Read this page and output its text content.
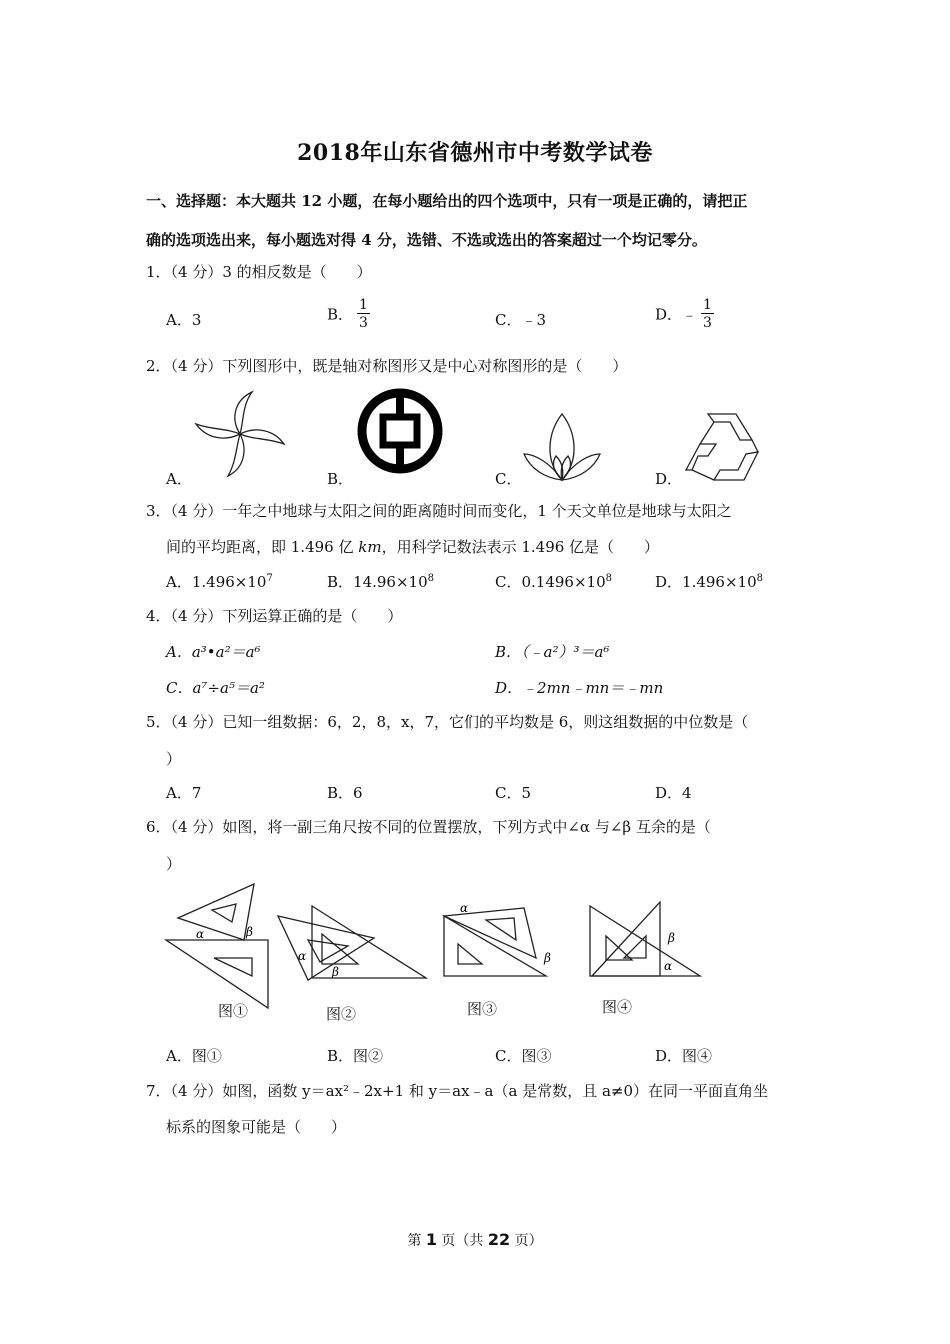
2018年山东省德州市中考数学试卷
一、选择题：本大题共 12 小题，在每小题给出的四个选项中，只有一项是正确的，请把正
确的选项选出来，每小题选对得 4 分，选错、不选或选出的答案超过一个均记零分。
1．（4 分）3 的相反数是（　　）
A．3	B． $\frac{1}{3}$	C．﹣3	D．﹣ $\frac{1}{3}$
2．（4 分）下列图形中，既是轴对称图形又是中心对称图形的是（　　）
A．	B．	C．	D．
3．（4 分）一年之中地球与太阳之间的距离随时间而变化，1 个天文单位是地球与太阳之
间的平均距离，即 1.496 亿 km，用科学记数法表示 1.496 亿是（　　）
A．$1.496\times 10^7$	B．$14.96\times 10^8$	C．$0.1496\times 10^8$	D．$1.496\times 10^8$
4．（4 分）下列运算正确的是（　　）
A．a³•a²＝a⁶	B．（﹣a²）³＝a⁶
C．a⁷÷a⁵＝a²	D．﹣2mn﹣mn＝﹣mn
5．（4 分）已知一组数据：6，2，8，x，7，它们的平均数是 6，则这组数据的中位数是（
）
A．7	B．6	C．5	D．4
6．（4 分）如图，将一副三角尺按不同的位置摆放，下列方式中∠α 与∠β 互余的是（
）
α	β
图①
α
β
图②
α
β
图③
β
α
图④
A．图①	B．图②	C．图③	D．图④
7．（4 分）如图，函数 y＝ax²﹣2x+1 和 y＝ax﹣a（a 是常数，且 a≠0）在同一平面直角坐
标系的图象可能是（　　）
第 1 页（共 22 页）
